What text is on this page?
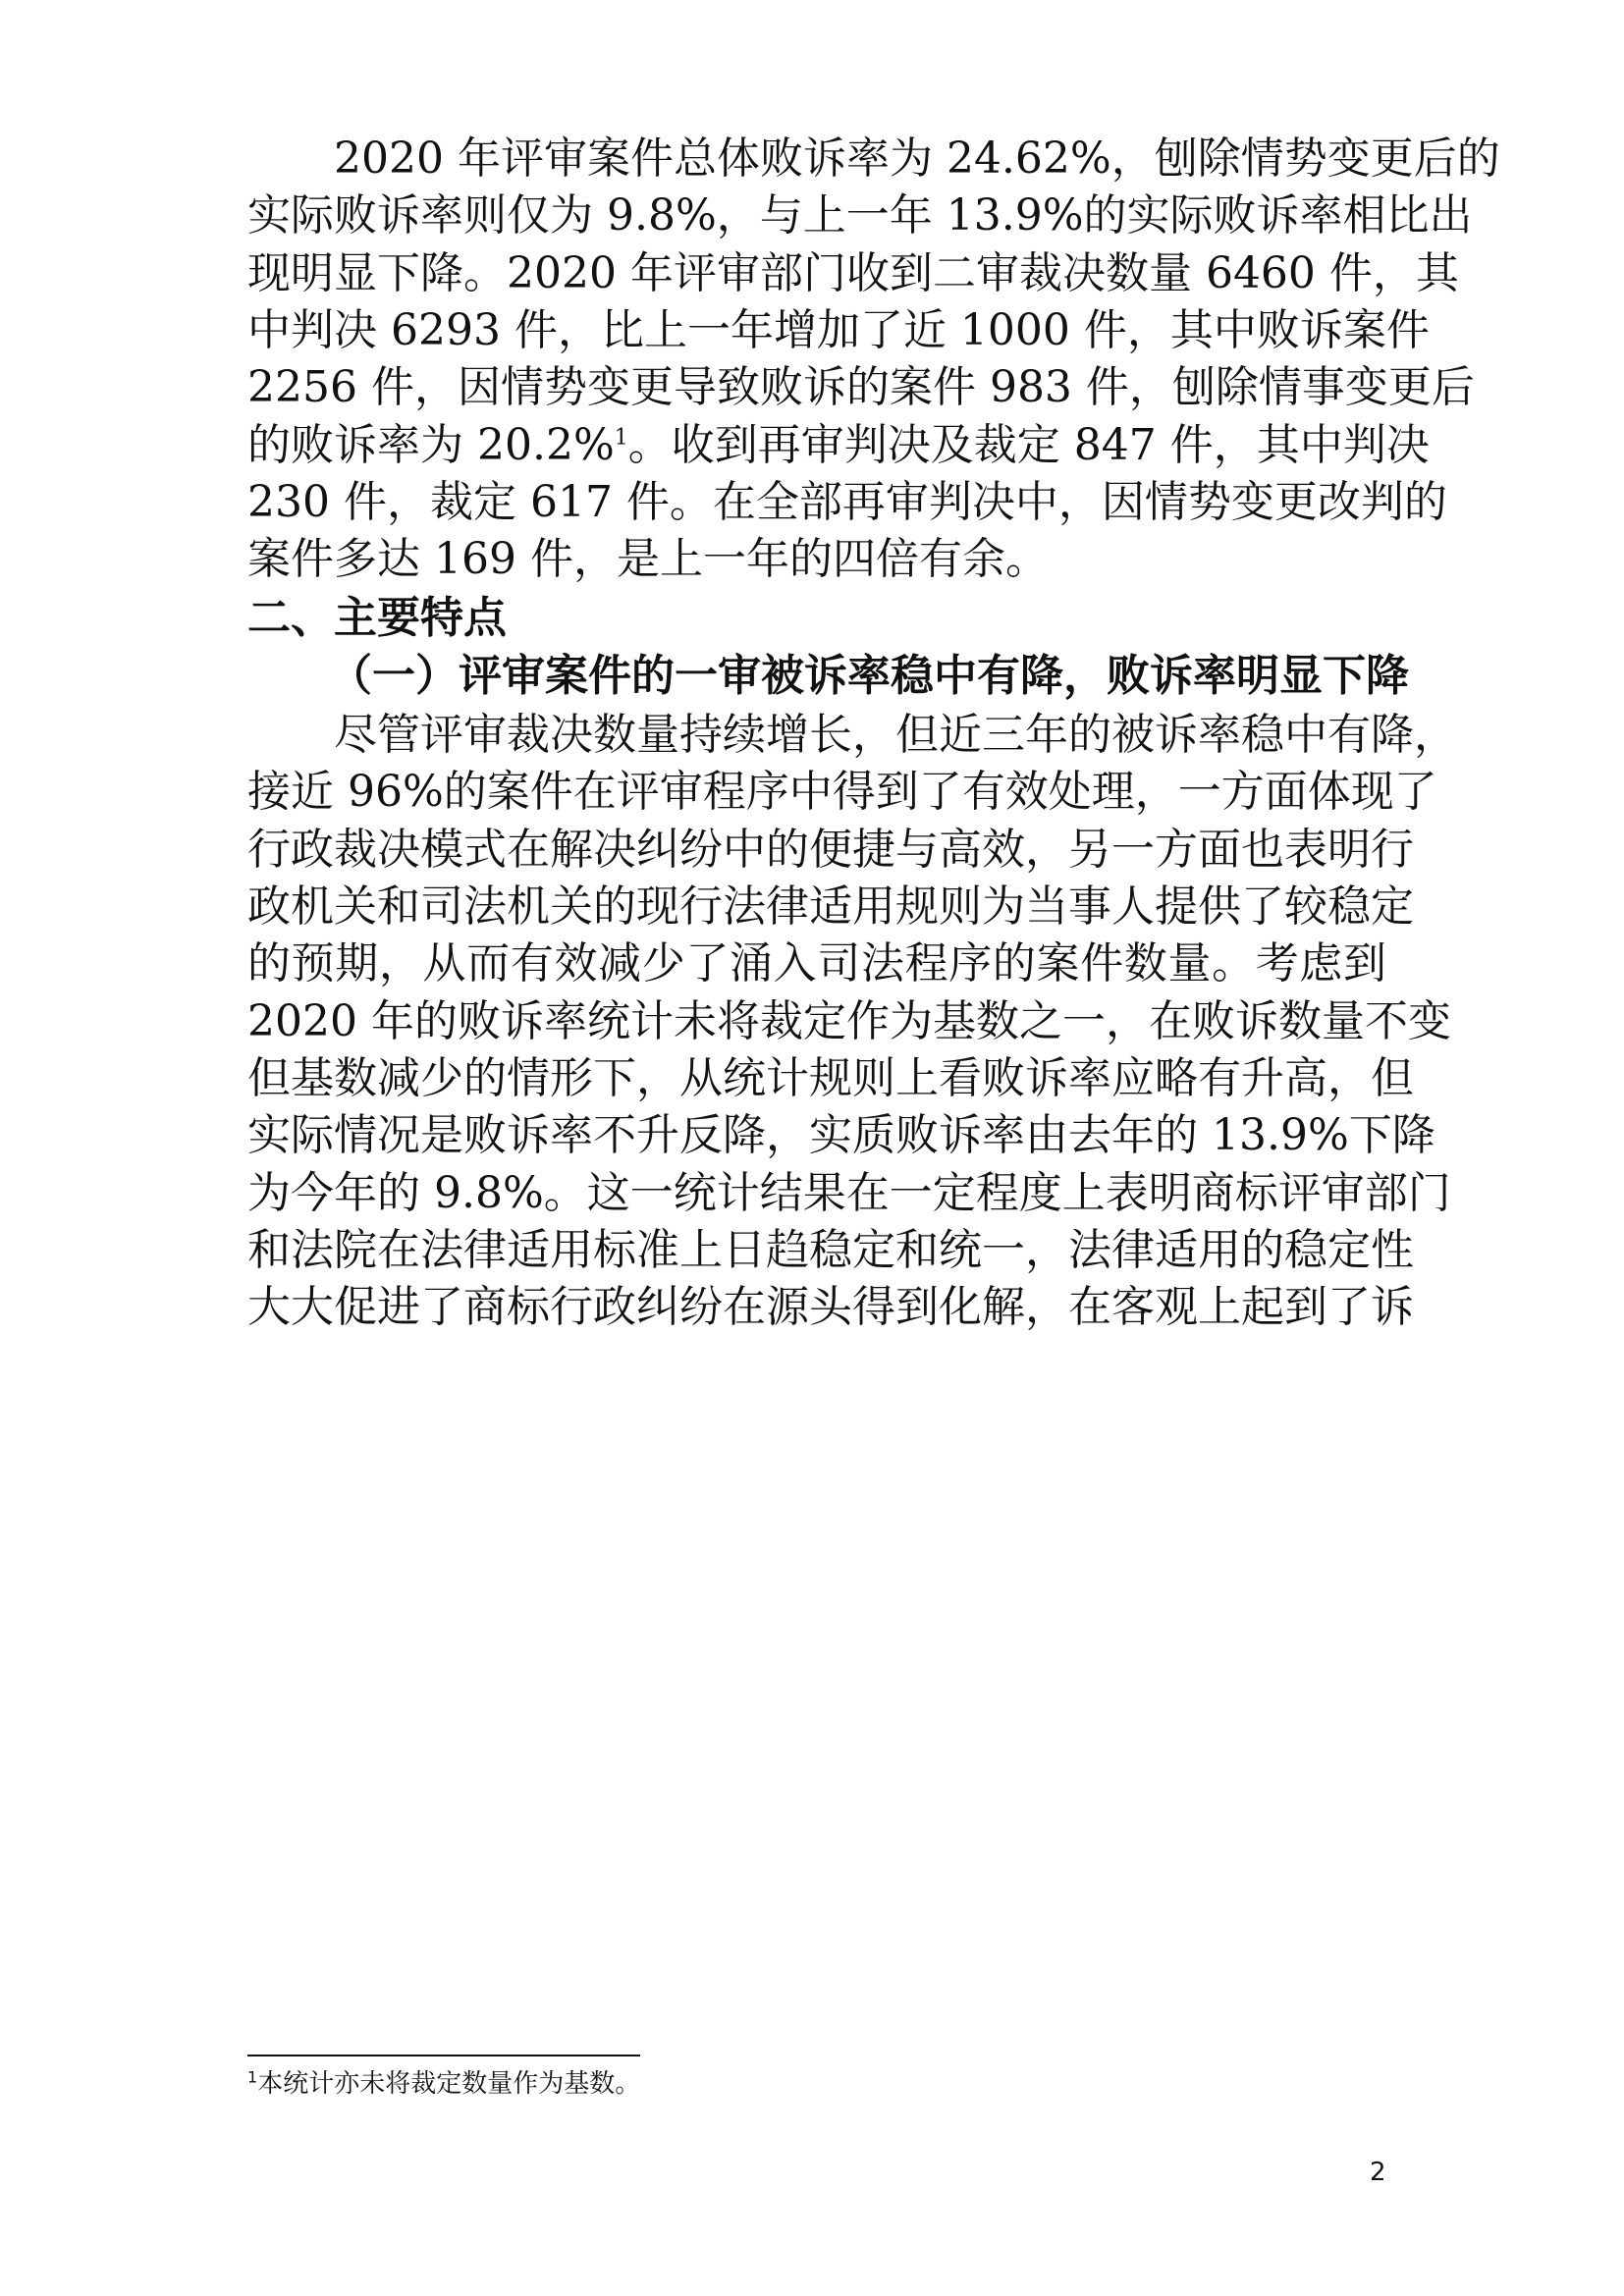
　　2020 年评审案件总体败诉率为 24.62%，刨除情势变更后的
实际败诉率则仅为 9.8%，与上一年 13.9%的实际败诉率相比出
现明显下降。2020 年评审部门收到二审裁决数量 6460 件，其
中判决 6293 件，比上一年增加了近 1000 件，其中败诉案件
2256 件，因情势变更导致败诉的案件 983 件，刨除情事变更后
的败诉率为 20.2%$^1$。收到再审判决及裁定 847 件，其中判决
230 件，裁定 617 件。在全部再审判决中，因情势变更改判的
案件多达 169 件，是上一年的四倍有余。
二、主要特点
（一）评审案件的一审被诉率稳中有降，败诉率明显下降
　　尽管评审裁决数量持续增长，但近三年的被诉率稳中有降，
接近 96%的案件在评审程序中得到了有效处理，一方面体现了
行政裁决模式在解决纠纷中的便捷与高效，另一方面也表明行
政机关和司法机关的现行法律适用规则为当事人提供了较稳定
的预期，从而有效减少了涌入司法程序的案件数量。考虑到
2020 年的败诉率统计未将裁定作为基数之一，在败诉数量不变
但基数减少的情形下，从统计规则上看败诉率应略有升高，但
实际情况是败诉率不升反降，实质败诉率由去年的 13.9%下降
为今年的 9.8%。这一统计结果在一定程度上表明商标评审部门
和法院在法律适用标准上日趋稳定和统一，法律适用的稳定性
大大促进了商标行政纠纷在源头得到化解，在客观上起到了诉
$^1$本统计亦未将裁定数量作为基数。
2
